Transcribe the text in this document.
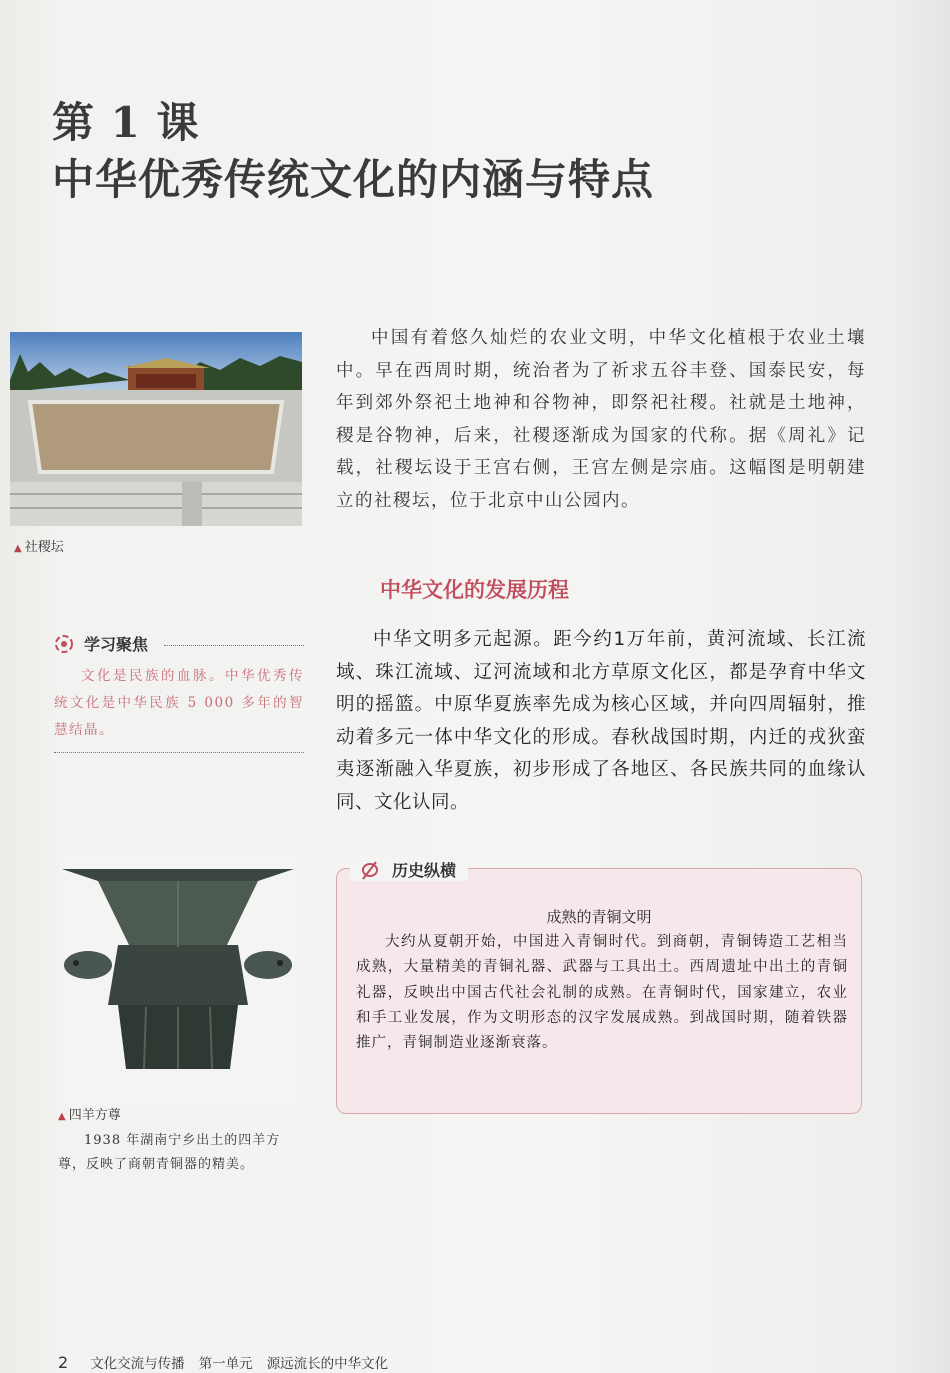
第 1 课
中华优秀传统文化的内涵与特点
▲ 社稷坛

中国有着悠久灿烂的农业文明，中华文化植根于农业土壤中。早在西周时期，统治者为了祈求五谷丰登、国泰民安，每年到郊外祭祀土地神和谷物神，即祭祀社稷。社就是土地神，稷是谷物神，后来，社稷逐渐成为国家的代称。据《周礼》记载，社稷坛设于王宫右侧，王宫左侧是宗庙。这幅图是明朝建立的社稷坛，位于北京中山公园内。

学习聚焦

文化是民族的血脉。中华优秀传统文化是中华民族 5 000 多年的智慧结晶。

中华文化的发展历程

中华文明多元起源。距今约1万年前，黄河流域、长江流域、珠江流域、辽河流域和北方草原文化区，都是孕育中华文明的摇篮。中原华夏族率先成为核心区域，并向四周辐射，推动着多元一体中华文化的形成。春秋战国时期，内迁的戎狄蛮夷逐渐融入华夏族，初步形成了各地区、各民族共同的血缘认同、文化认同。

▲ 四羊方尊

1938 年湖南宁乡出土的四羊方尊，反映了商朝青铜器的精美。

历史纵横

成熟的青铜文明

大约从夏朝开始，中国进入青铜时代。到商朝，青铜铸造工艺相当成熟，大量精美的青铜礼器、武器与工具出土。西周遗址中出土的青铜礼器，反映出中国古代社会礼制的成熟。在青铜时代，国家建立，农业和手工业发展，作为文明形态的汉字发展成熟。到战国时期，随着铁器推广，青铜制造业逐渐衰落。

2 文化交流与传播 第一单元 源远流长的中华文化
